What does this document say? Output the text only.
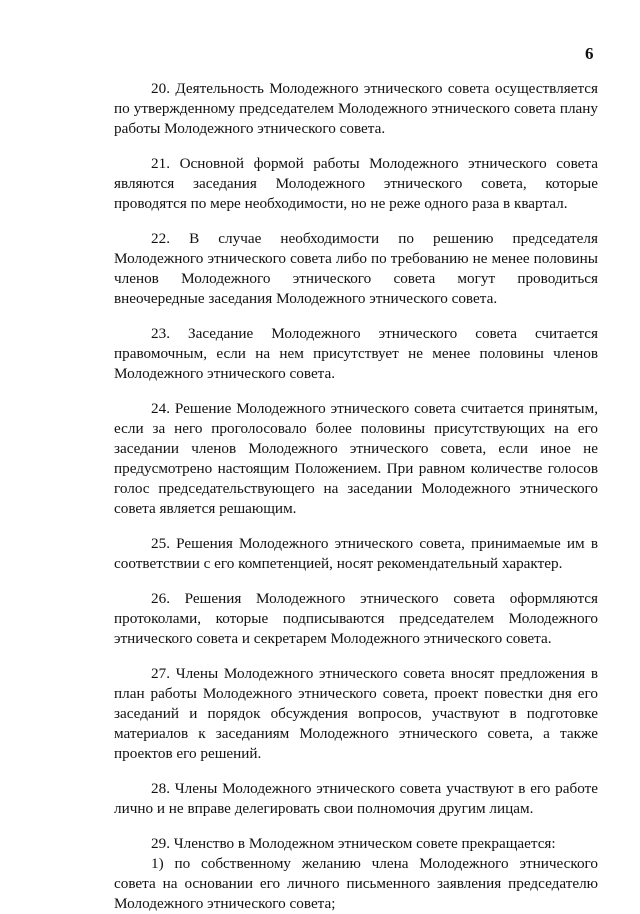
6

20. Деятельность Молодежного этнического совета осуществляется по утвержденному председателем Молодежного этнического совета плану работы Молодежного этнического совета.

21. Основной формой работы Молодежного этнического совета являются заседания Молодежного этнического совета, которые проводятся по мере необходимости, но не реже одного раза в квартал.

22. В случае необходимости по решению председателя Молодежного этнического совета либо по требованию не менее половины членов Молодежного этнического совета могут проводиться внеочередные заседания Молодежного этнического совета.

23. Заседание Молодежного этнического совета считается правомочным, если на нем присутствует не менее половины членов Молодежного этнического совета.

24. Решение Молодежного этнического совета считается принятым, если за него проголосовало более половины присутствующих на его заседании членов Молодежного этнического совета, если иное не предусмотрено настоящим Положением. При равном количестве голосов голос председательствующего на заседании Молодежного этнического совета является решающим.

25. Решения Молодежного этнического совета, принимаемые им в соответствии с его компетенцией, носят рекомендательный характер.

26. Решения Молодежного этнического совета оформляются протоколами, которые подписываются председателем Молодежного этнического совета и секретарем Молодежного этнического совета.

27. Члены Молодежного этнического совета вносят предложения в план работы Молодежного этнического совета, проект повестки дня его заседаний и порядок обсуждения вопросов, участвуют в подготовке материалов к заседаниям Молодежного этнического совета, а также проектов его решений.

28. Члены Молодежного этнического совета участвуют в его работе лично и не вправе делегировать свои полномочия другим лицам.

29. Членство в Молодежном этническом совете прекращается:

1) по собственному желанию члена Молодежного этнического совета на основании его личного письменного заявления председателю Молодежного этнического совета;
